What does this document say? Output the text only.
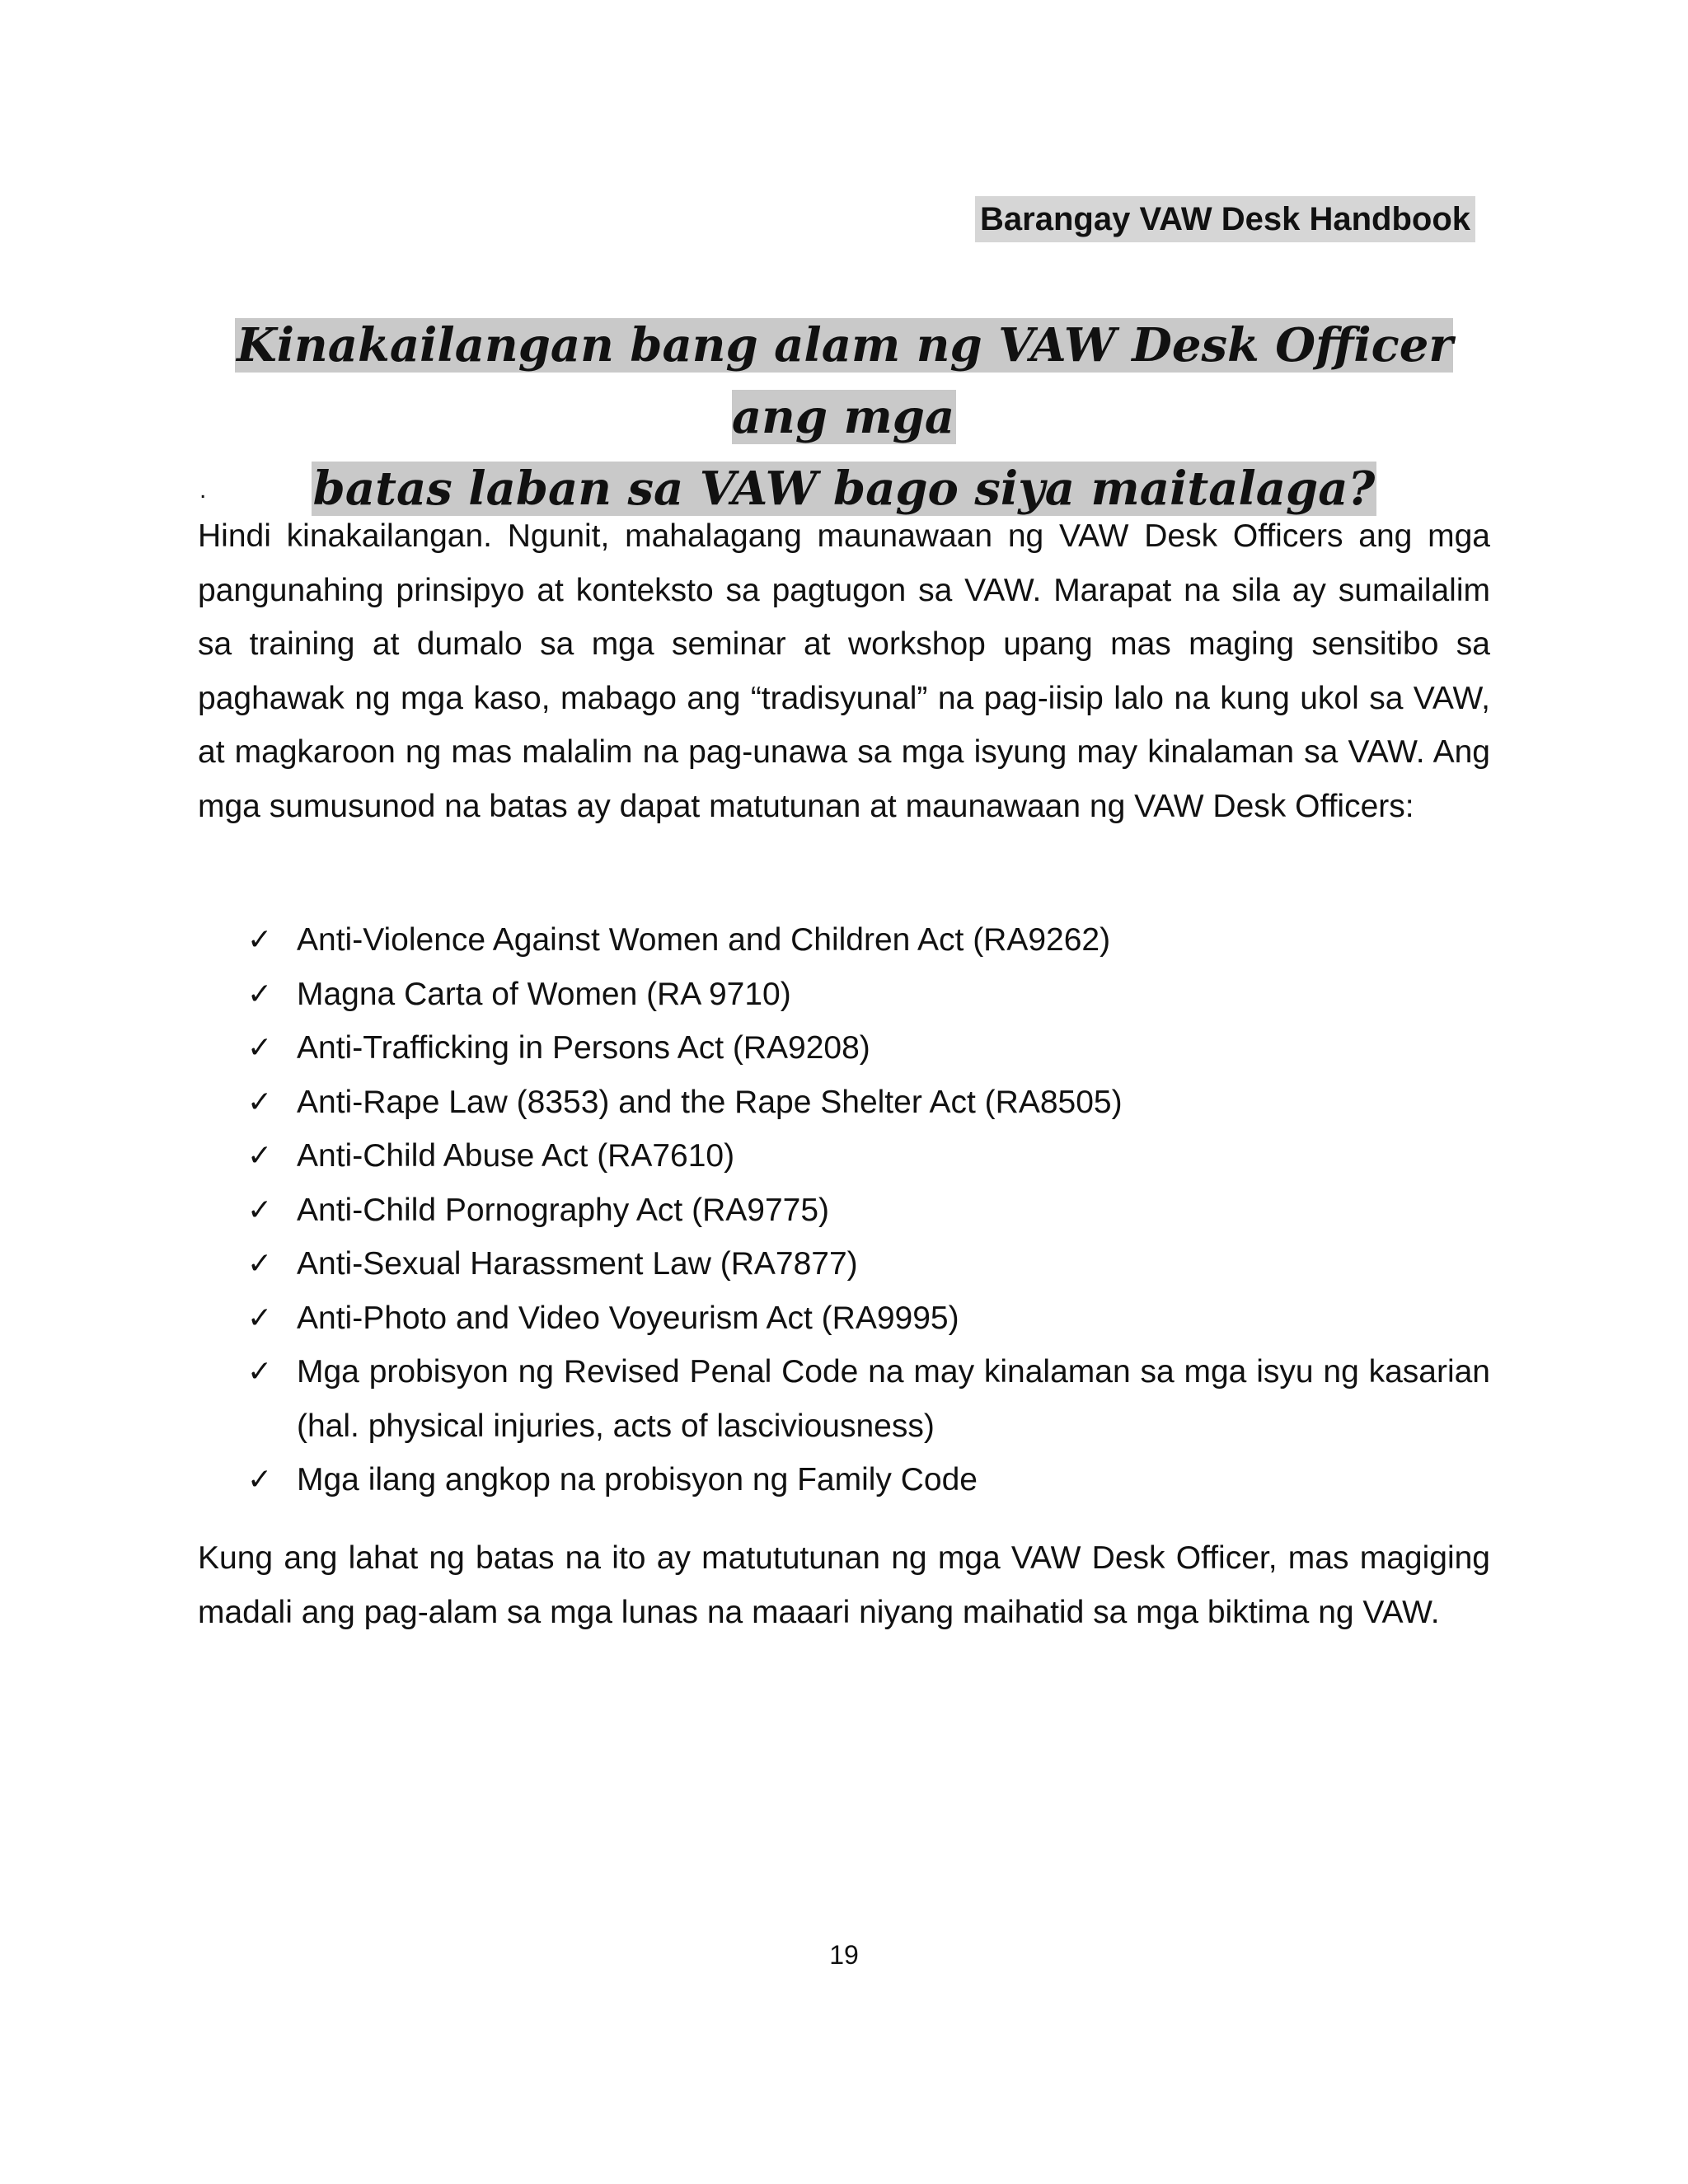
Barangay VAW Desk Handbook
Kinakailangan bang alam ng VAW Desk Officer ang mga
batas laban sa VAW bago siya maitalaga?
.

Hindi kinakailangan. Ngunit, mahalagang maunawaan ng VAW Desk Officers ang mga pangunahing prinsipyo at konteksto sa pagtugon sa VAW. Marapat na sila ay sumailalim sa training at dumalo sa mga seminar at workshop upang mas maging sensitibo sa paghawak ng mga kaso, mabago ang “tradisyunal” na pag-iisip lalo na kung ukol sa VAW, at magkaroon ng mas malalim na pag-unawa sa mga isyung may kinalaman sa VAW. Ang mga sumusunod na batas ay dapat matutunan at maunawaan ng VAW Desk Officers:

✓ Anti-Violence Against Women and Children Act (RA9262)
✓ Magna Carta of Women (RA 9710)
✓ Anti-Trafficking in Persons Act (RA9208)
✓ Anti-Rape Law (8353) and the Rape Shelter Act (RA8505)
✓ Anti-Child Abuse Act (RA7610)
✓ Anti-Child Pornography Act (RA9775)
✓ Anti-Sexual Harassment Law (RA7877)
✓ Anti-Photo and Video Voyeurism Act (RA9995)
✓ Mga probisyon ng Revised Penal Code na may kinalaman sa mga isyu ng kasarian (hal. physical injuries, acts of lasciviousness)
✓ Mga ilang angkop na probisyon ng Family Code

Kung ang lahat ng batas na ito ay matututunan ng mga VAW Desk Officer, mas magiging madali ang pag-alam sa mga lunas na maaari niyang maihatid sa mga biktima ng VAW.

19
